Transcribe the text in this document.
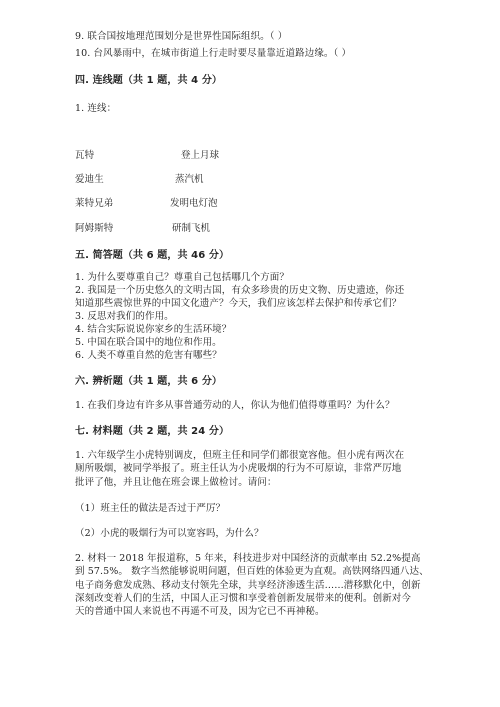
9. 联合国按地理范围划分是世界性国际组织。（ ）
10. 台风暴雨中，在城市街道上行走时要尽量靠近道路边缘。（ ）
四. 连线题（共 1 题，共 4 分）
1. 连线：
瓦特	登上月球
爱迪生	蒸汽机
莱特兄弟	发明电灯泡
阿姆斯特	研制飞机
五. 简答题（共 6 题，共 46 分）
1. 为什么要尊重自己？尊重自己包括哪几个方面？
2. 我国是一个历史悠久的文明古国，有众多珍贵的历史文物、历史遗迹，你还
知道那些震惊世界的中国文化遗产？今天，我们应该怎样去保护和传承它们？
3. 反思对我们的作用。
4. 结合实际说说你家乡的生活环境？
5. 中国在联合国中的地位和作用。
6. 人类不尊重自然的危害有哪些？
六. 辨析题（共 1 题，共 6 分）
1. 在我们身边有许多从事普通劳动的人，你认为他们值得尊重吗？为什么？
七. 材料题（共 2 题，共 24 分）
1. 六年级学生小虎特别调皮，但班主任和同学们都很宽容他。但小虎有两次在
厕所吸烟，被同学举报了。班主任认为小虎吸烟的行为不可原谅，非常严厉地
批评了他，并且让他在班会课上做检讨。请问：
（1）班主任的做法是否过于严厉？
（2）小虎的吸烟行为可以宽容吗，为什么？
2. 材料一 2018 年报道称，5 年来，科技进步对中国经济的贡献率由 52.2%提高
到 57.5%。 数字当然能够说明问题，但百姓的体验更为直观。高铁网络四通八达、
电子商务愈发成熟、移动支付领先全球，共享经济渗透生活……潜移默化中，创新
深刻改变着人们的生活，中国人正习惯和享受着创新发展带来的便利。创新对今
天的普通中国人来说也不再遥不可及，因为它已不再神秘。
